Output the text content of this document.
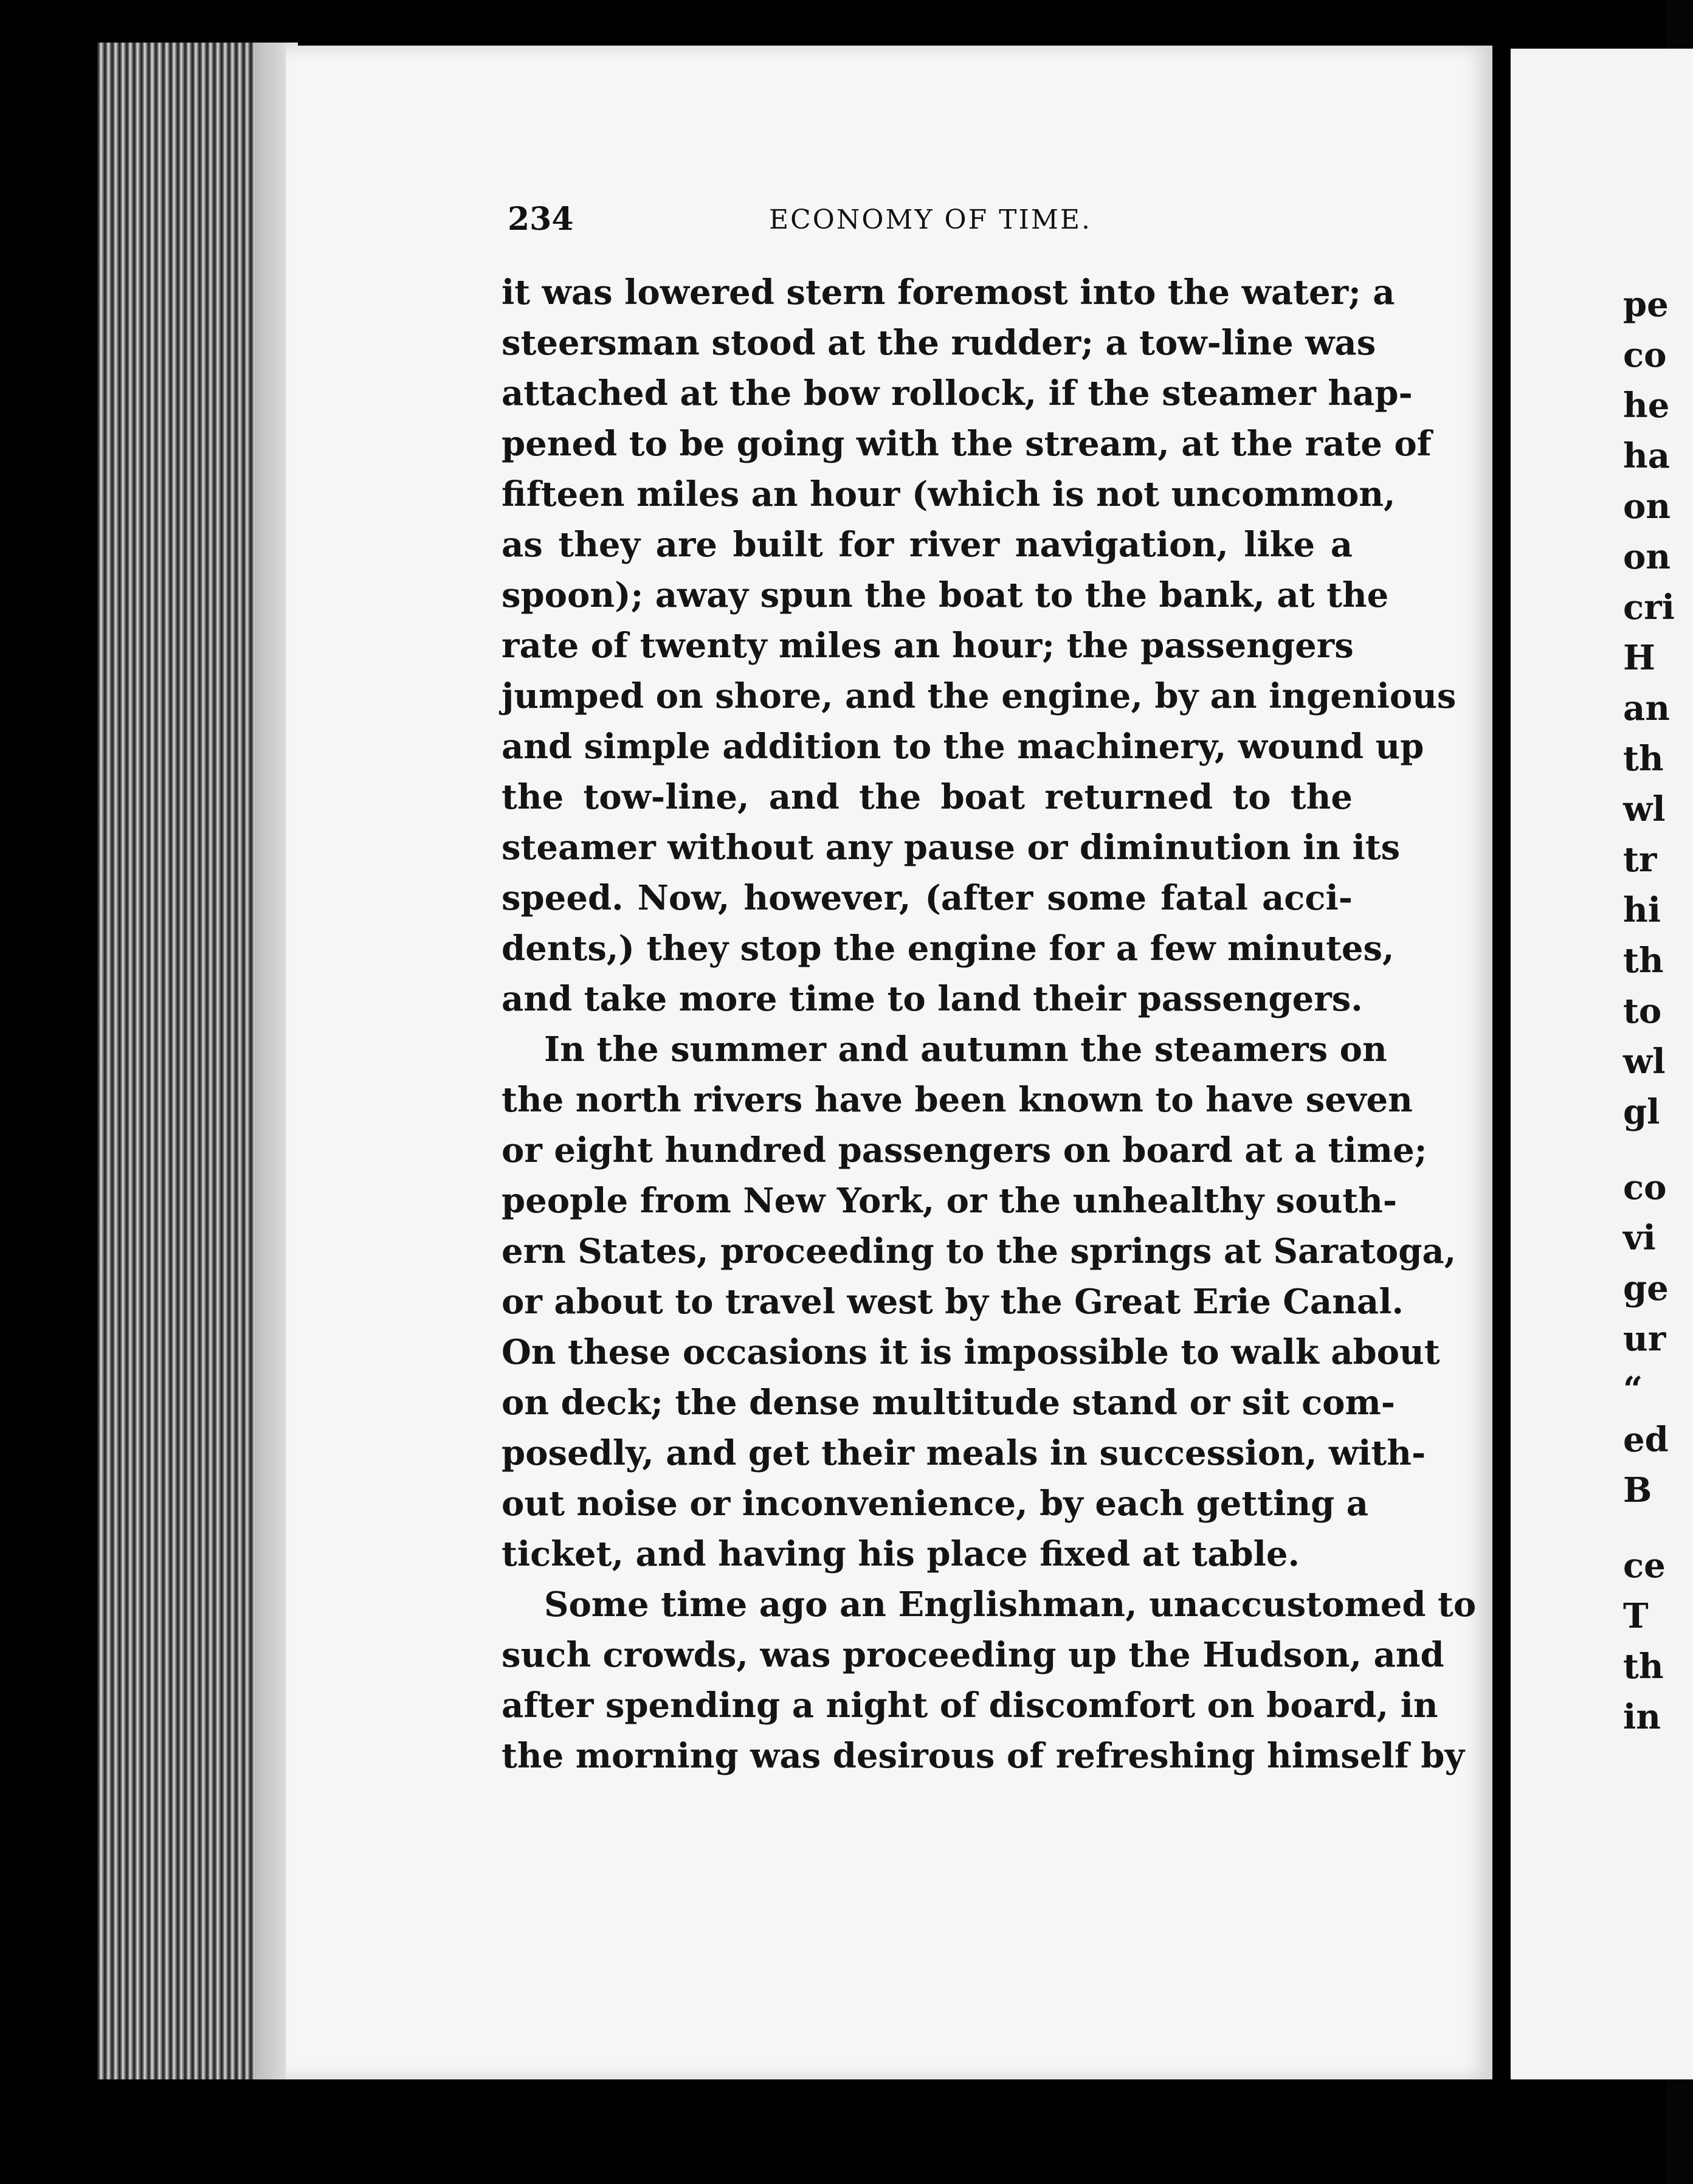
234	ECONOMY OF TIME.
it was lowered stern foremost into the water; a
steersman stood at the rudder; a tow-line was
attached at the bow rollock, if the steamer hap-
pened to be going with the stream, at the rate of
fifteen miles an hour (which is not uncommon,
as they are built for river navigation, like a
spoon); away spun the boat to the bank, at the
rate of twenty miles an hour; the passengers
jumped on shore, and the engine, by an ingenious
and simple addition to the machinery, wound up
the tow-line, and the boat returned to the
steamer without any pause or diminution in its
speed. Now, however, (after some fatal acci-
dents,) they stop the engine for a few minutes,
and take more time to land their passengers.
In the summer and autumn the steamers on
the north rivers have been known to have seven
or eight hundred passengers on board at a time;
people from New York, or the unhealthy south-
ern States, proceeding to the springs at Saratoga,
or about to travel west by the Great Erie Canal.
On these occasions it is impossible to walk about
on deck; the dense multitude stand or sit com-
posedly, and get their meals in succession, with-
out noise or inconvenience, by each getting a
ticket, and having his place fixed at table.
Some time ago an Englishman, unaccustomed to
such crowds, was proceeding up the Hudson, and
after spending a night of discomfort on board, in
the morning was desirous of refreshing himself by
pe
co
he
ha
on
on
cri
H
an
th
wl
tr
hi
th
to
wl
gl
co
vi
ge
ur
“
ed
B
ce
T
th
in
